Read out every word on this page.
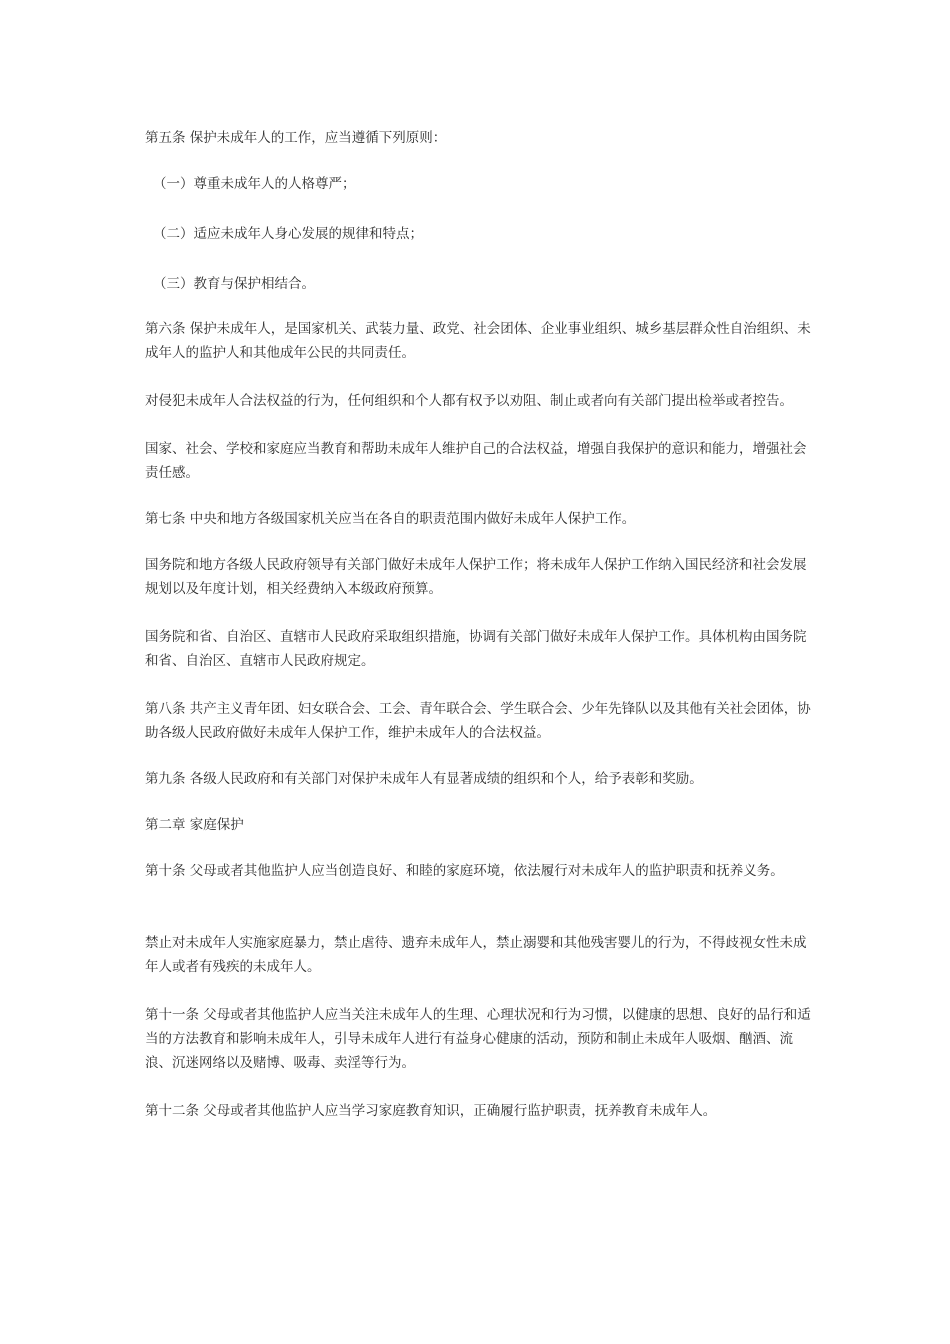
第五条 保护未成年人的工作，应当遵循下列原则：

（一）尊重未成年人的人格尊严；

（二）适应未成年人身心发展的规律和特点；

（三）教育与保护相结合。

第六条 保护未成年人，是国家机关、武装力量、政党、社会团体、企业事业组织、城乡基层群众性自治组织、未成年人的监护人和其他成年公民的共同责任。

对侵犯未成年人合法权益的行为，任何组织和个人都有权予以劝阻、制止或者向有关部门提出检举或者控告。

国家、社会、学校和家庭应当教育和帮助未成年人维护自己的合法权益，增强自我保护的意识和能力，增强社会责任感。

第七条 中央和地方各级国家机关应当在各自的职责范围内做好未成年人保护工作。

国务院和地方各级人民政府领导有关部门做好未成年人保护工作；将未成年人保护工作纳入国民经济和社会发展规划以及年度计划，相关经费纳入本级政府预算。

国务院和省、自治区、直辖市人民政府采取组织措施，协调有关部门做好未成年人保护工作。具体机构由国务院和省、自治区、直辖市人民政府规定。

第八条 共产主义青年团、妇女联合会、工会、青年联合会、学生联合会、少年先锋队以及其他有关社会团体，协助各级人民政府做好未成年人保护工作，维护未成年人的合法权益。

第九条 各级人民政府和有关部门对保护未成年人有显著成绩的组织和个人，给予表彰和奖励。

第二章 家庭保护

第十条 父母或者其他监护人应当创造良好、和睦的家庭环境，依法履行对未成年人的监护职责和抚养义务。

禁止对未成年人实施家庭暴力，禁止虐待、遗弃未成年人，禁止溺婴和其他残害婴儿的行为，不得歧视女性未成年人或者有残疾的未成年人。

第十一条 父母或者其他监护人应当关注未成年人的生理、心理状况和行为习惯，以健康的思想、良好的品行和适当的方法教育和影响未成年人，引导未成年人进行有益身心健康的活动，预防和制止未成年人吸烟、酗酒、流浪、沉迷网络以及赌博、吸毒、卖淫等行为。

第十二条 父母或者其他监护人应当学习家庭教育知识，正确履行监护职责，抚养教育未成年人。
